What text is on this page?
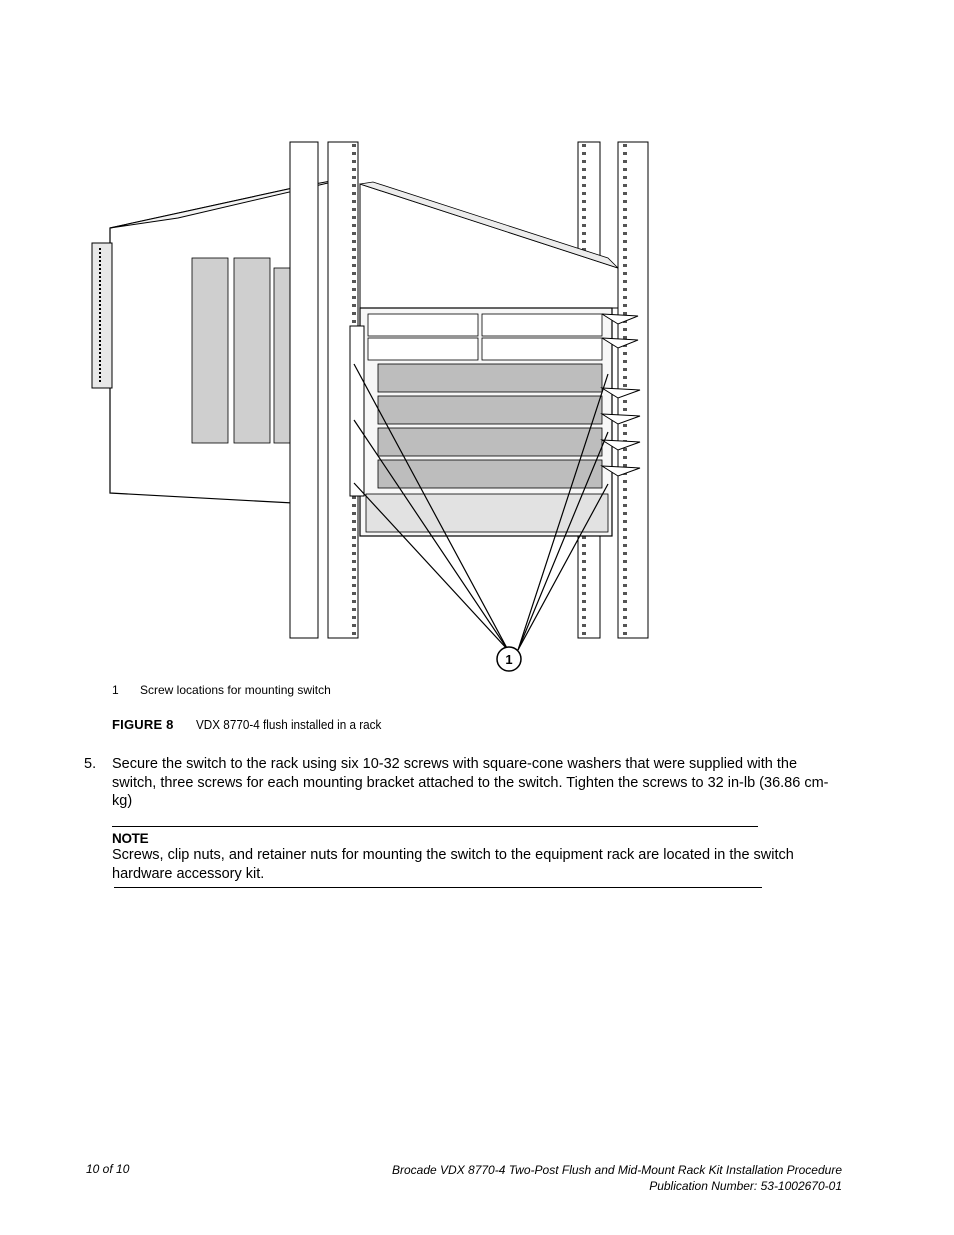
1
1 Screw locations for mounting switch
FIGURE 8 VDX 8770-4 flush installed in a rack
5. Secure the switch to the rack using six 10-32 screws with square-cone washers that were supplied with the switch, three screws for each mounting bracket attached to the switch. Tighten the screws to 32 in-lb (36.86 cm-kg)
NOTE
Screws, clip nuts, and retainer nuts for mounting the switch to the equipment rack are located in the switch hardware accessory kit.
10 of 10	Brocade VDX 8770-4 Two-Post Flush and Mid-Mount Rack Kit Installation Procedure
Publication Number: 53-1002670-01
